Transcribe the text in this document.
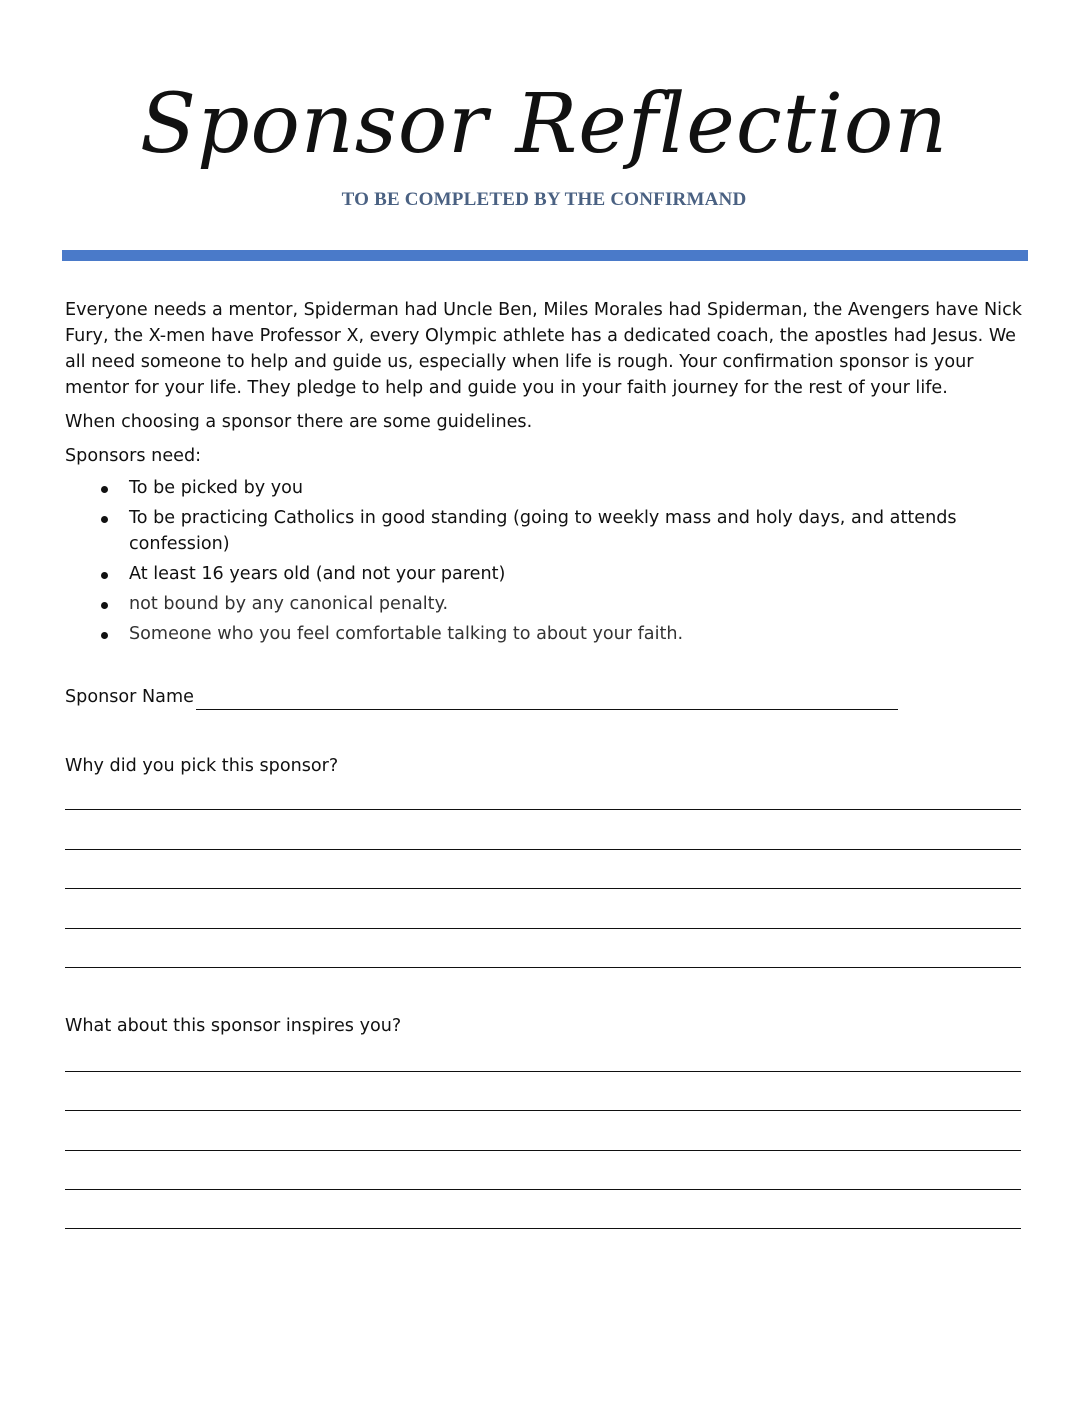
Sponsor Reflection
TO BE COMPLETED BY THE CONFIRMAND

Everyone needs a mentor, Spiderman had Uncle Ben, Miles Morales had Spiderman, the Avengers have Nick Fury, the X-men have Professor X, every Olympic athlete has a dedicated coach, the apostles had Jesus. We all need someone to help and guide us, especially when life is rough. Your confirmation sponsor is your mentor for your life. They pledge to help and guide you in your faith journey for the rest of your life.

When choosing a sponsor there are some guidelines.

Sponsors need:

To be picked by you
To be practicing Catholics in good standing (going to weekly mass and holy days, and attends confession)
At least 16 years old (and not your parent)
not bound by any canonical penalty.
Someone who you feel comfortable talking to about your faith.
Sponsor Name
Why did you pick this sponsor?
What about this sponsor inspires you?
